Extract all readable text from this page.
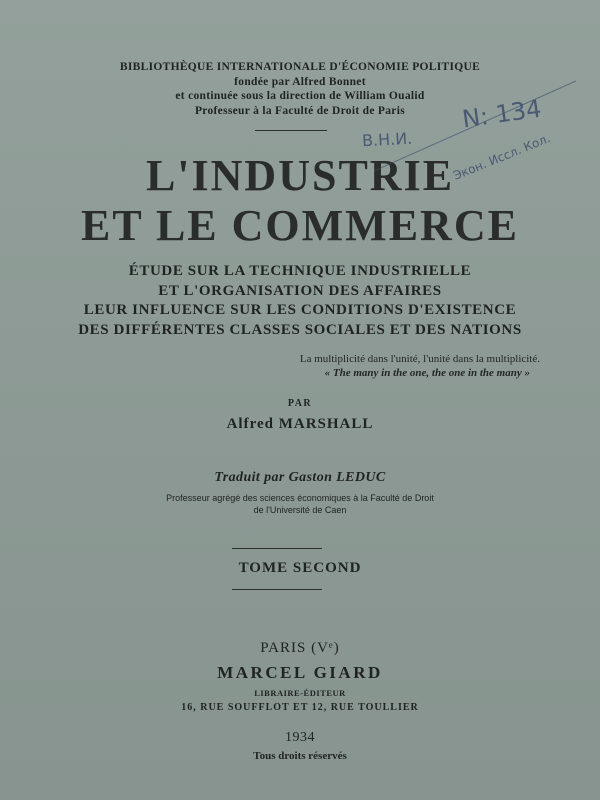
BIBLIOTHÈQUE INTERNATIONALE D'ÉCONOMIE POLITIQUE
fondée par Alfred Bonnet
et continuée sous la direction de William Oualid
Professeur à la Faculté de Droit de Paris
L'INDUSTRIE
ET LE COMMERCE
ÉTUDE SUR LA TECHNIQUE INDUSTRIELLE
ET L'ORGANISATION DES AFFAIRES
LEUR INFLUENCE SUR LES CONDITIONS D'EXISTENCE
DES DIFFÉRENTES CLASSES SOCIALES ET DES NATIONS
La multiplicité dans l'unité, l'unité dans la multiplicité.
« The many in the one, the one in the many »
PAR
Alfred MARSHALL
Traduit par Gaston LEDUC
Professeur agrégé des sciences économiques à la Faculté de Droit
de l'Université de Caen
TOME SECOND
PARIS (Vᵉ)
MARCEL GIARD
LIBRAIRE-ÉDITEUR
16, RUE SOUFFLOT ET 12, RUE TOULLIER
1934
Tous droits réservés
N: 134
В.Н.И.	Экон. Иссл. Кол.
